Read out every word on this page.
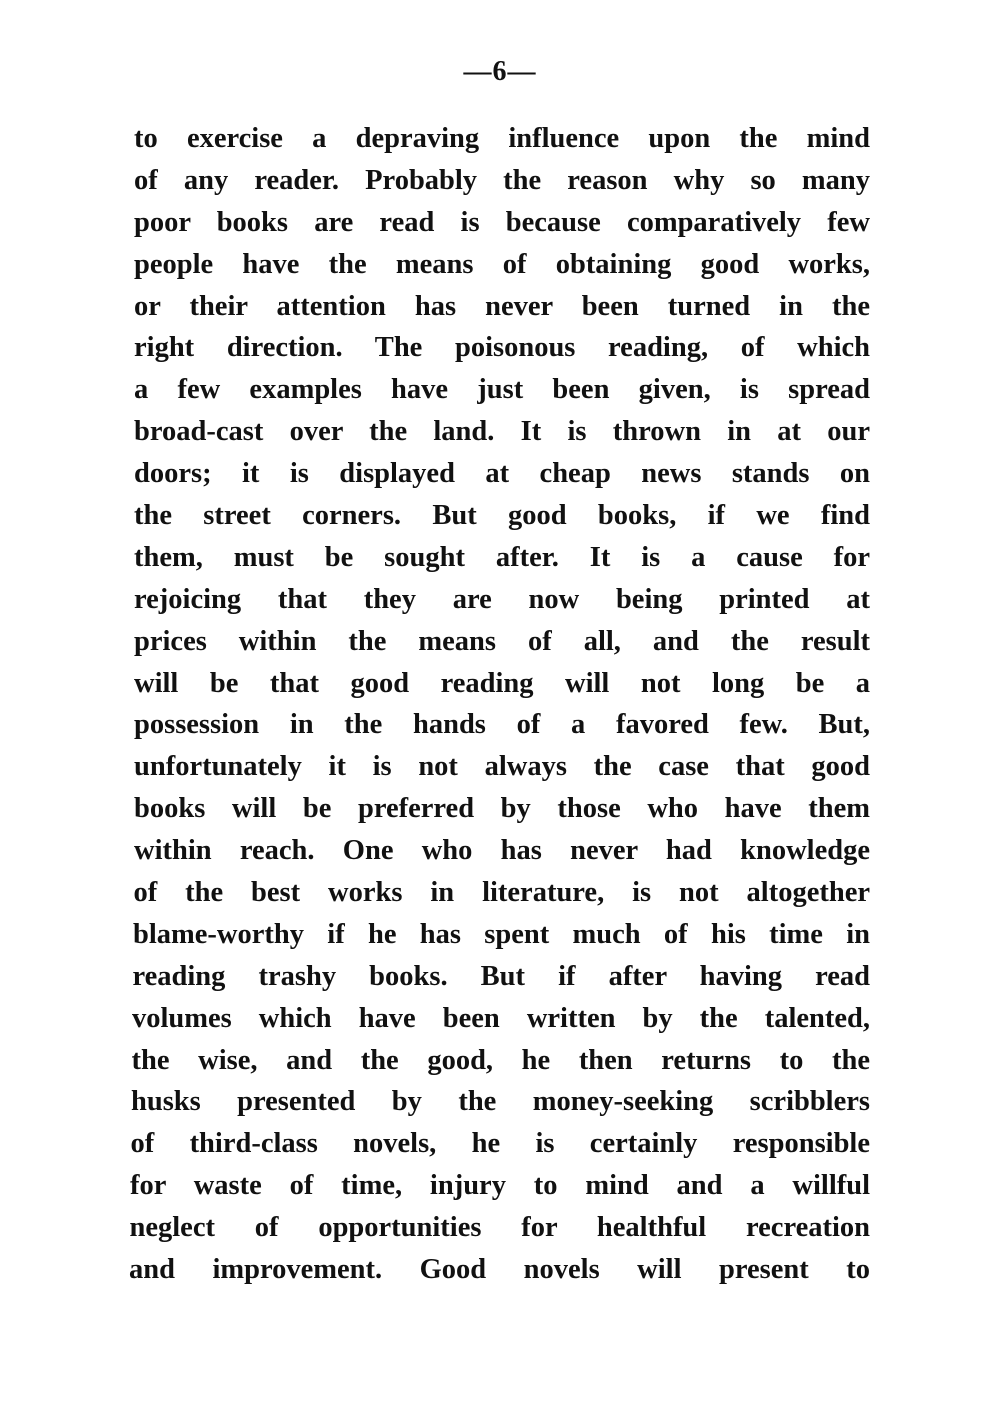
—6—
to exercise a depraving influence upon the mind
of any reader. Probably the reason why so many
poor books are read is because comparatively few
people have the means of obtaining good works,
or their attention has never been turned in the
right direction. The poisonous reading, of which
a few examples have just been given, is spread
broad-cast over the land. It is thrown in at our
doors; it is displayed at cheap news stands on
the street corners. But good books, if we find
them, must be sought after. It is a cause for
rejoicing that they are now being printed at
prices within the means of all, and the result
will be that good reading will not long be a
possession in the hands of a favored few. But,
unfortunately it is not always the case that good
books will be preferred by those who have them
within reach. One who has never had knowledge
of the best works in literature, is not altogether
blame-worthy if he has spent much of his time in
reading trashy books. But if after having read
volumes which have been written by the talented,
the wise, and the good, he then returns to the
husks presented by the money-seeking scribblers
of third-class novels, he is certainly responsible
for waste of time, injury to mind and a willful
neglect of opportunities for healthful recreation
and improvement. Good novels will present to
